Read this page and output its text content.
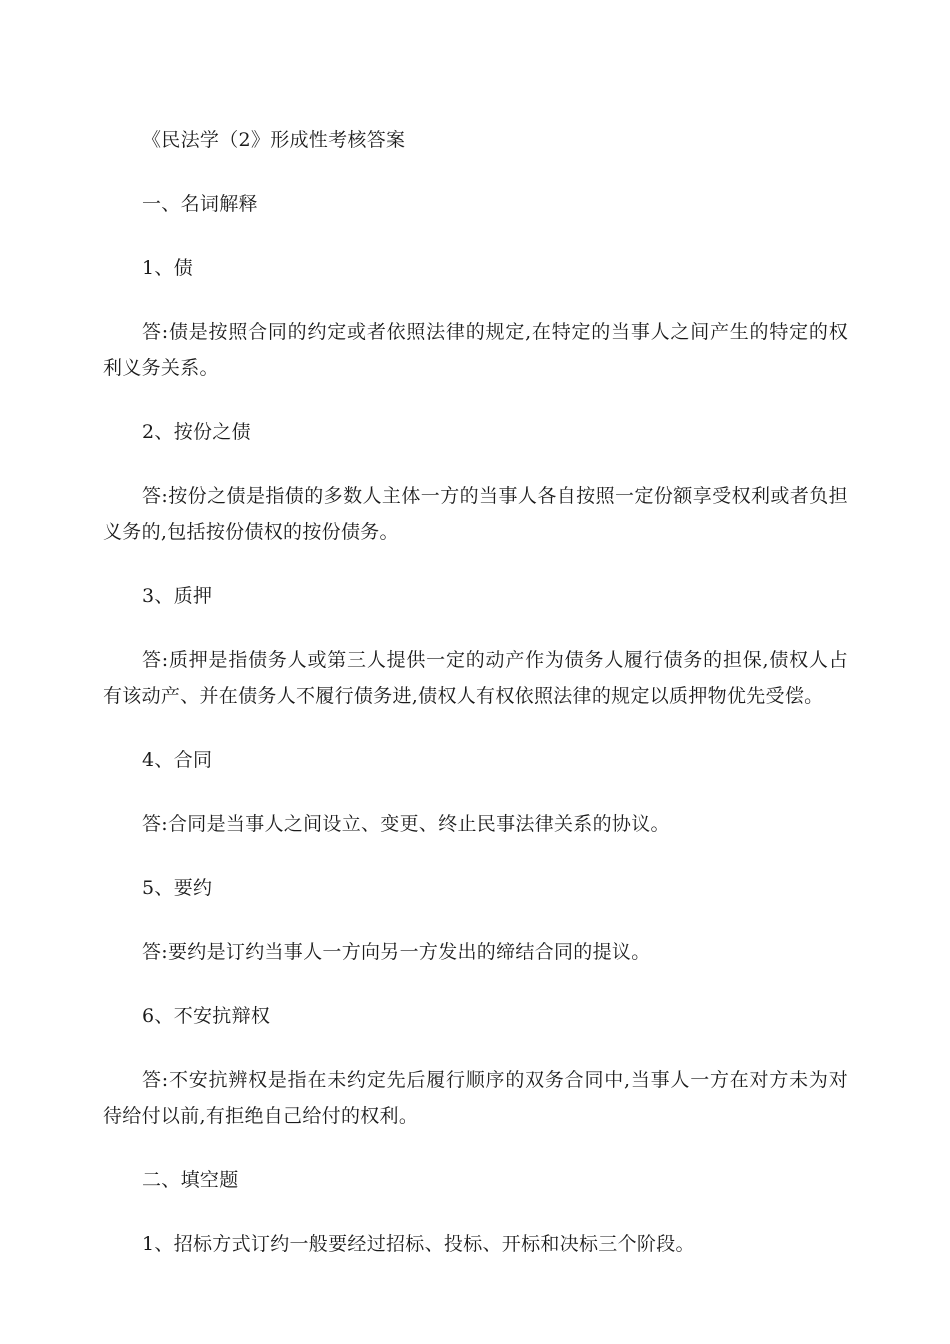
《民法学（2》形成性考核答案

一、名词解释

1、债

答:债是按照合同的约定或者依照法律的规定,在特定的当事人之间产生的特定的权利义务关系。

2、按份之债

答:按份之债是指债的多数人主体一方的当事人各自按照一定份额享受权利或者负担义务的,包括按份债权的按份债务。

3、质押

答:质押是指债务人或第三人提供一定的动产作为债务人履行债务的担保,债权人占有该动产、并在债务人不履行债务进,债权人有权依照法律的规定以质押物优先受偿。

4、合同

答:合同是当事人之间设立、变更、终止民事法律关系的协议。

5、要约

答:要约是订约当事人一方向另一方发出的缔结合同的提议。

6、不安抗辩权

答:不安抗辨权是指在未约定先后履行顺序的双务合同中,当事人一方在对方未为对待给付以前,有拒绝自己给付的权利。

二、填空题

1、招标方式订约一般要经过招标、投标、开标和决标三个阶段。
